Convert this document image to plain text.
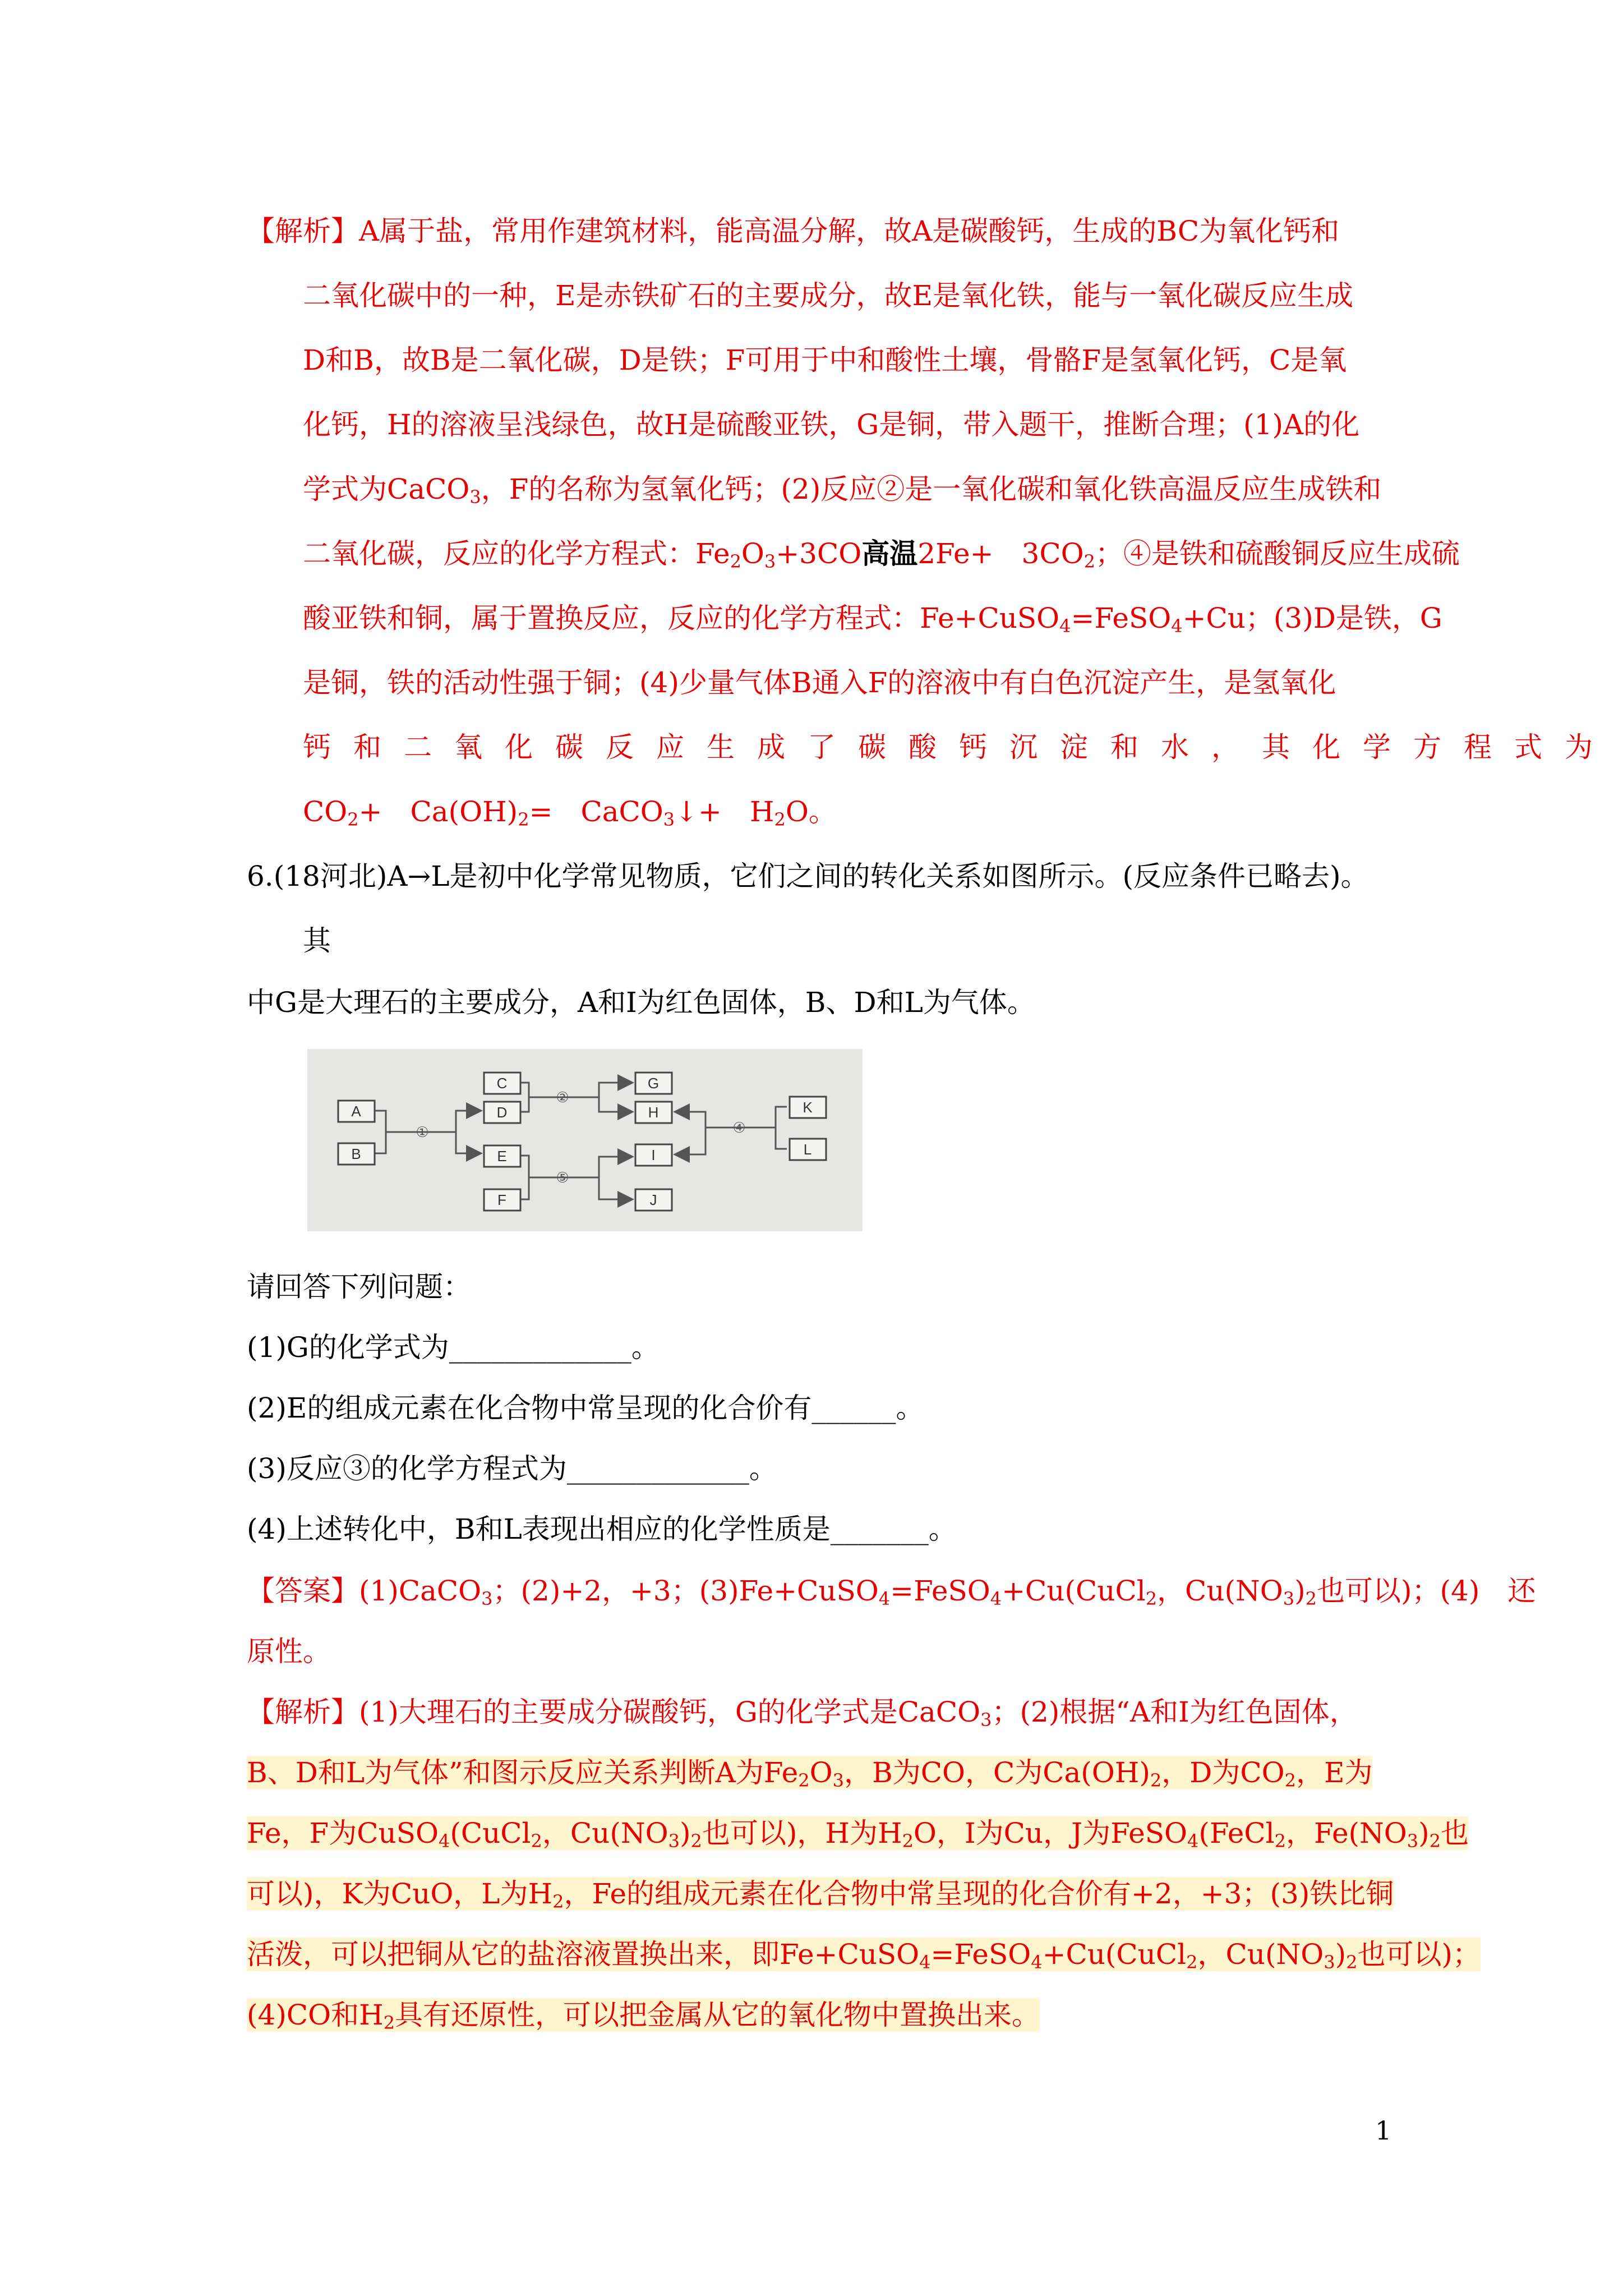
【解析】A属于盐，常用作建筑材料，能高温分解，故A是碳酸钙，生成的BC为氧化钙和
二氧化碳中的一种，E是赤铁矿石的主要成分，故E是氧化铁，能与一氧化碳反应生成
D和B，故B是二氧化碳，D是铁；F可用于中和酸性土壤，骨骼F是氢氧化钙，C是氧
化钙，H的溶液呈浅绿色，故H是硫酸亚铁，G是铜，带入题干，推断合理；(1)A的化
学式为CaCO$_3$，F的名称为氢氧化钙；(2)反应②是一氧化碳和氧化铁高温反应生成铁和
二氧化碳，反应的化学方程式：$Fe_2O_3+3CO$高温2Fe+　$3CO_2$；④是铁和硫酸铜反应生成硫
酸亚铁和铜，属于置换反应，反应的化学方程式：Fe+CuSO$_4$=FeSO$_4$+Cu；(3)D是铁，G
是铜，铁的活动性强于铜；(4)少量气体B通入F的溶液中有白色沉淀产生，是氢氧化
钙和二氧化碳反应生成了碳酸钙沉淀和水，其化学方程式为
$CO_2+$　$Ca(OH)_2=$　CaCO$_3$↓+　$H_2O$。
6.(18河北)A→L是初中化学常见物质，它们之间的转化关系如图所示。(反应条件已略去)。
其
中G是大理石的主要成分，A和I为红色固体，B、D和L为气体。
A
B
C
D
E
F
G
H
I
J
K
L
①
②
⑤
④
请回答下列问题：
(1)G的化学式为_____________。
(2)E的组成元素在化合物中常呈现的化合价有______。
(3)反应③的化学方程式为_____________。
(4)上述转化中，B和L表现出相应的化学性质是_______。
【答案】(1)CaCO$_3$；(2)+2，+3；(3)Fe+CuSO$_4$=FeSO$_4$+Cu(CuCl$_2$，$Cu(NO_3)_2$也可以)；(4)　还
原性。
【解析】(1)大理石的主要成分碳酸钙，G的化学式是CaCO$_3$；(2)根据“A和I为红色固体，
B、D和L为气体”和图示反应关系判断A为$Fe_2O_3$，B为CO，C为$Ca(OH)_2$，D为$CO_2$，E为
Fe，F为CuSO$_4$(CuCl$_2$，$Cu(NO_3)_2$也可以)，H为$H_2O$，I为Cu，J为FeSO$_4$(FeCl$_2$，$Fe(NO_3)_2$也
可以)，K为CuO，L为$H_2$，Fe的组成元素在化合物中常呈现的化合价有+2，+3；(3)铁比铜
活泼，可以把铜从它的盐溶液置换出来，即Fe+CuSO$_4$=FeSO$_4$+Cu(CuCl$_2$，$Cu(NO_3)_2$也可以)；
(4)CO和$H_2$具有还原性，可以把金属从它的氧化物中置换出来。
1
